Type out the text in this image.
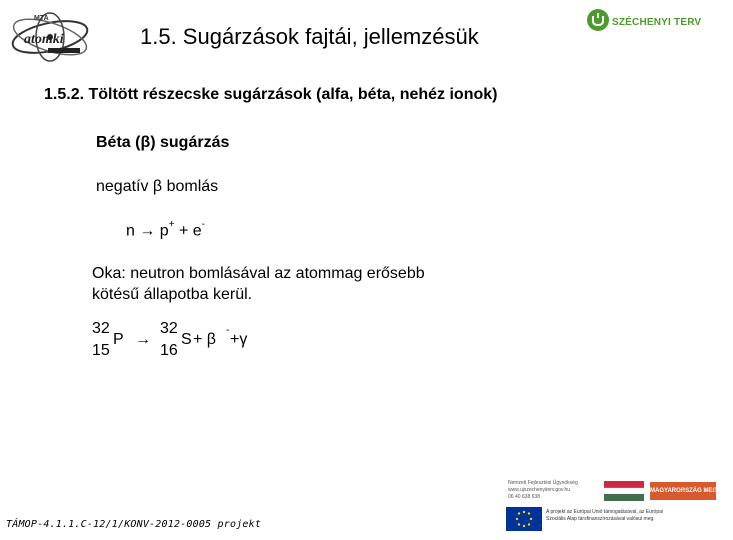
MTA
atomki
SZÉCHENYI TERV
1.5. Sugárzások fajtái, jellemzésük
1.5.2. Töltött részecske sugárzások (alfa, béta, nehéz ionok)
Béta (β) sugárzás
negatív β bomlás
n → p+ + e-
Oka: neutron bomlásával az atommag erősebb
kötésű állapotba kerül.
32
15
P →
32
16
S + β
-
+γ
TÁMOP-4.1.1.C-12/1/KONV-2012-0005 projekt
Nemzeti Fejlesztési Ügynökség
www.ujszechenyiterv.gov.hu
06 40 638 638
MAGYARORSZÁG MEGÚJUL
A projekt az Európai Unió támogatásával, az Európai
Szociális Alap társfinanszírozásával valósul meg.
